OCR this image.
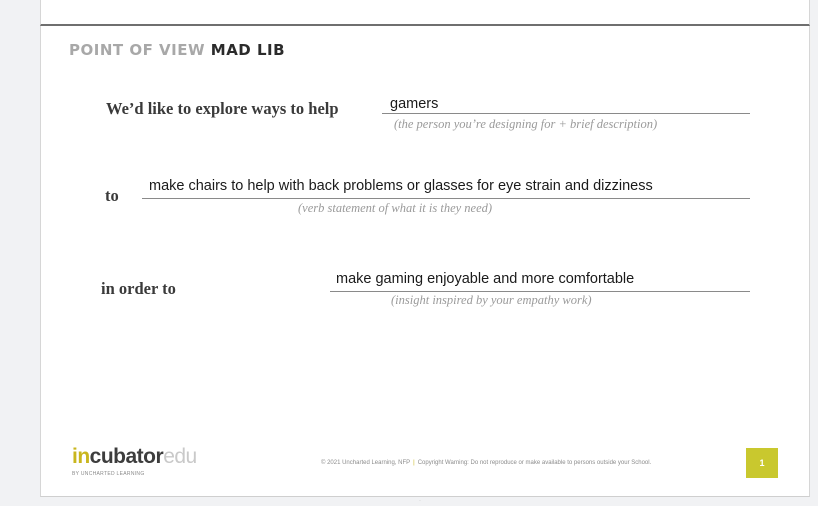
POINT OF VIEW MAD LIB
We’d like to explore ways to help	gamers
(the person you’re designing for + brief description)
to make chairs to help with back problems or glasses for eye strain and dizziness
(verb statement of what it is they need)
in order to	make gaming enjoyable and more comfortable
(insight inspired by your empathy work)
incubatoredu
BY UNCHARTED LEARNING
© 2021 Uncharted Learning, NFP | Copyright Warning: Do not reproduce or make available to persons outside your School.	1
·
